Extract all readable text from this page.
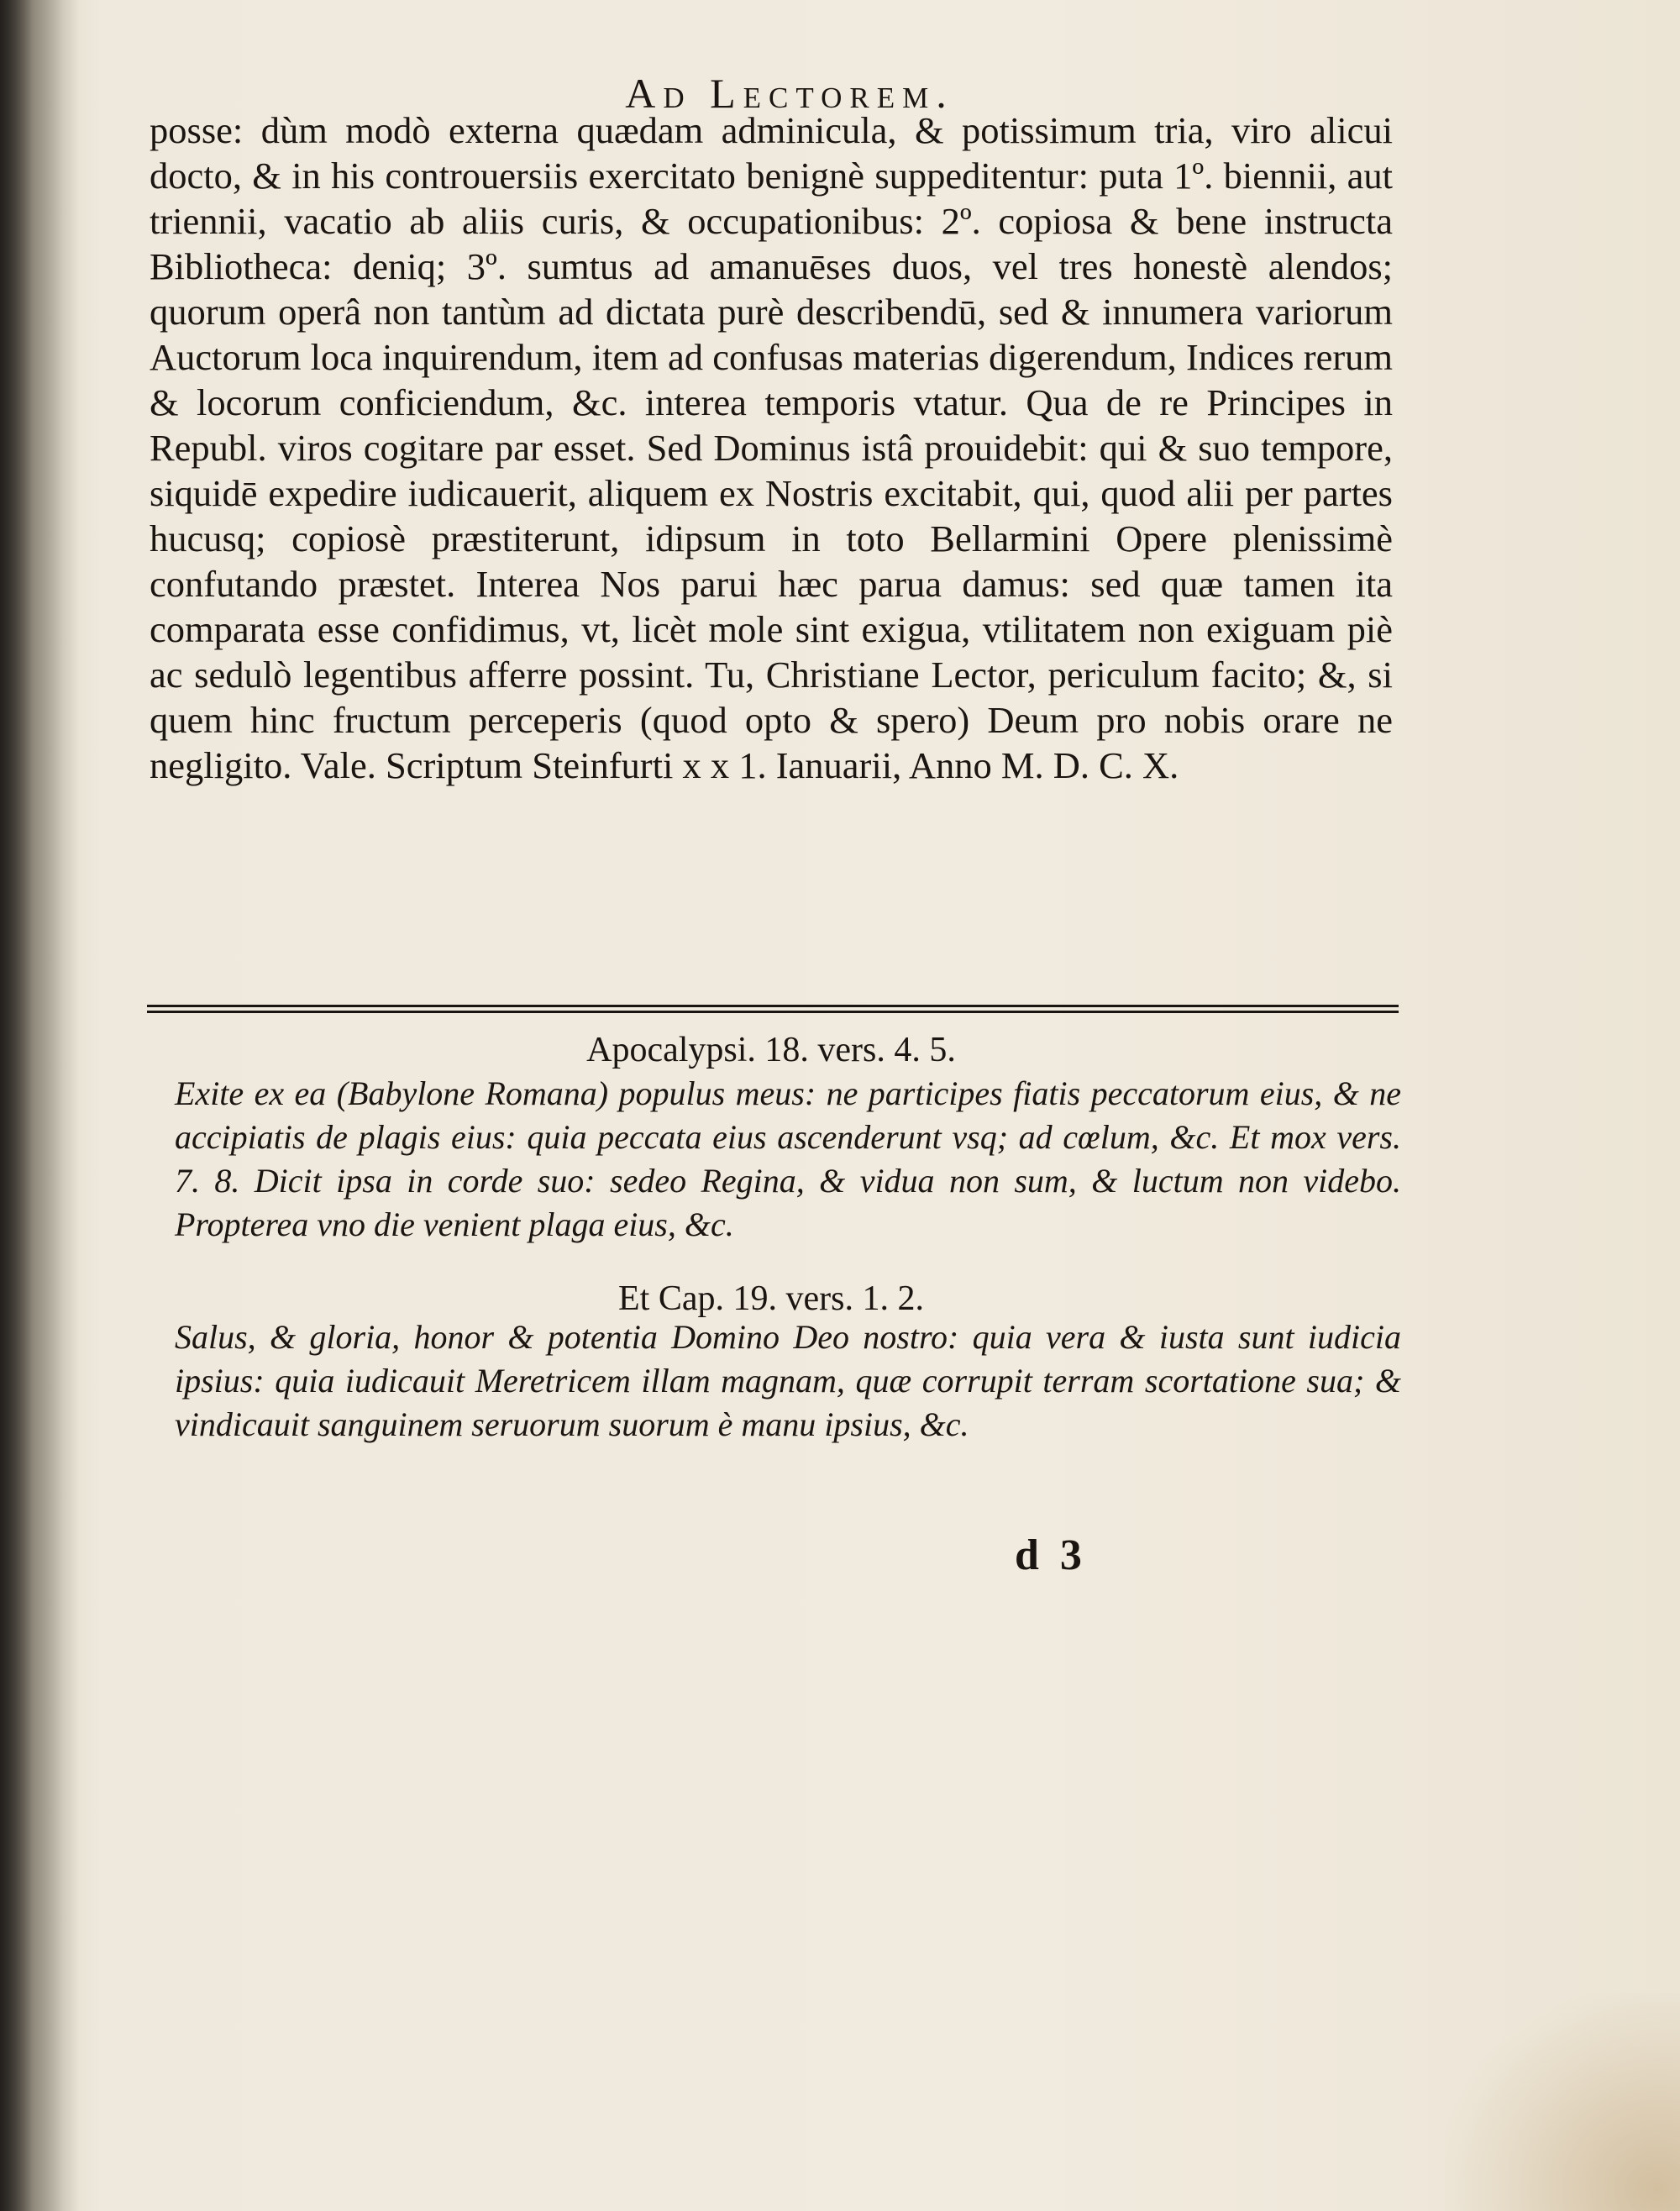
Ad Lectorem.

posse: dùm modò externa quædam adminicula, & potissimum tria, viro alicui docto, & in his controuersiis exercitato benignè suppeditentur: puta 1º. biennii, aut triennii, vacatio ab aliis curis, & occupationibus: 2º. copiosa & bene instructa Bibliotheca: deniq; 3º. sumtus ad amanuēses duos, vel tres honestè alendos; quorum operâ non tantùm ad dictata purè describendū, sed & innumera variorum Auctorum loca inquirendum, item ad confusas materias digerendum, Indices rerum & locorum conficiendum, &c. interea temporis vtatur. Qua de re Principes in Republ. viros cogitare par esset. Sed Dominus istâ prouidebit: qui & suo tempore, siquidē expedire iudicauerit, aliquem ex Nostris excitabit, qui, quod alii per partes hucusq; copiosè præstiterunt, idipsum in toto Bellarmini Opere plenissimè confutando præstet. Interea Nos parui hæc parua damus: sed quæ tamen ita comparata esse confidimus, vt, licèt mole sint exigua, vtilitatem non exiguam piè ac sedulò legentibus afferre possint. Tu, Christiane Lector, periculum facito; &, si quem hinc fructum perceperis (quod opto & spero) Deum pro nobis orare ne negligito. Vale. Scriptum Steinfurti x x 1. Ianuarii, Anno M. D. C. X.

Apocalypsi. 18. vers. 4. 5.
Exite ex ea (Babylone Romana) populus meus: ne participes fiatis peccatorum eius, & ne accipiatis de plagis eius: quia peccata eius ascenderunt vsq; ad cœlum, &c. Et mox vers. 7. 8. Dicit ipsa in corde suo: sedeo Regina, & vidua non sum, & luctum non videbo. Propterea vno die venient plaga eius, &c.
Et Cap. 19. vers. 1. 2.
Salus, & gloria, honor & potentia Domino Deo nostro: quia vera & iusta sunt iudicia ipsius: quia iudicauit Meretricem illam magnam, quæ corrupit terram scortatione sua; & vindicauit sanguinem seruorum suorum è manu ipsius, &c.
d 3
